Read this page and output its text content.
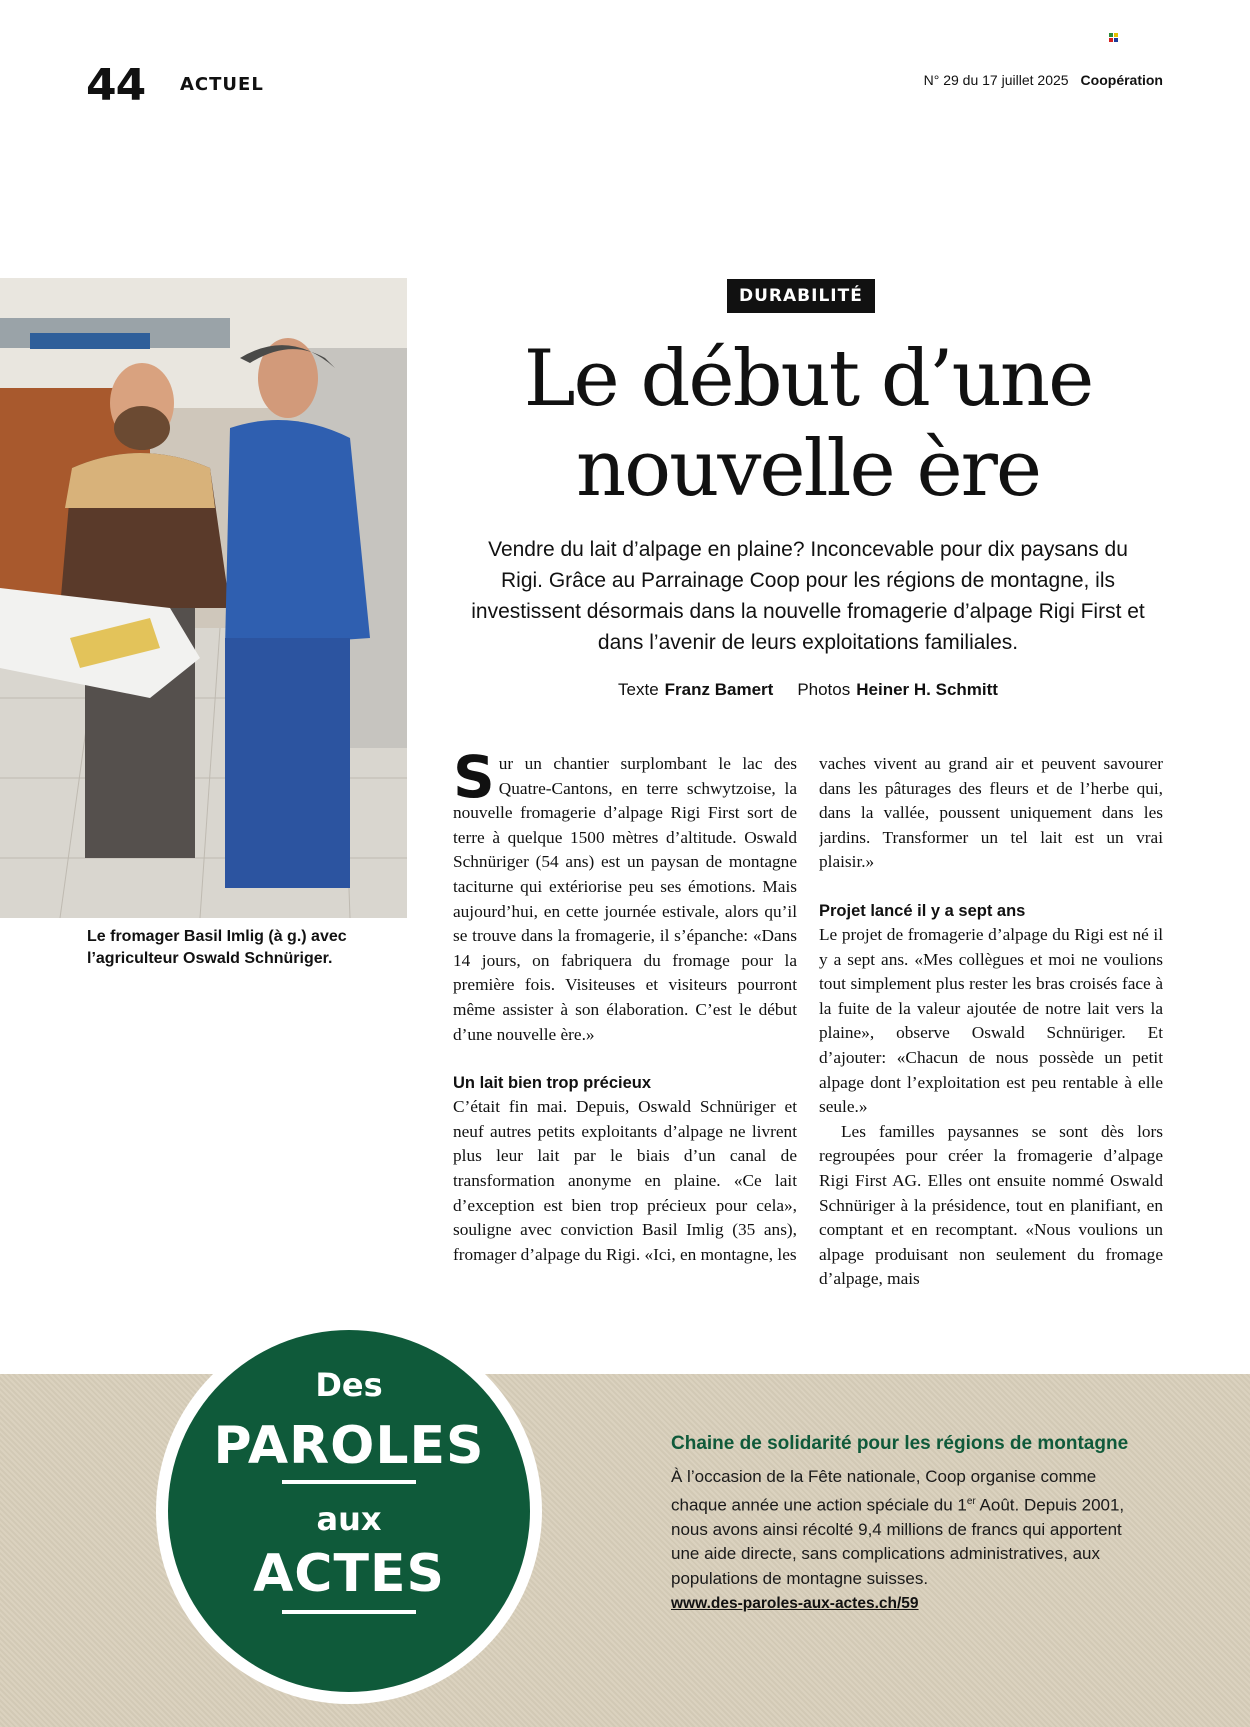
44 ACTUEL	N° 29 du 17 juillet 2025 Coopération
Le fromager Basil Imlig (à g.) avec l’agriculteur Oswald Schnüriger.
DURABILITÉ
Le début d’une
nouvelle ère
Vendre du lait d’alpage en plaine? Inconcevable pour dix paysans du Rigi. Grâce au Parrainage Coop pour les régions de montagne, ils investissent désormais dans la nouvelle fromagerie d’alpage Rigi First et dans l’avenir de leurs exploitations familiales.
Texte Franz Bamert Photos Heiner H. Schmitt

Sur un chantier surplombant le lac des Quatre-Cantons, en terre schwytzoise, la nouvelle fromagerie d’alpage Rigi First sort de terre à quelque 1500 mètres d’altitude. Oswald Schnüriger (54 ans) est un paysan de montagne taciturne qui extériorise peu ses émotions. Mais aujourd’hui, en cette journée estivale, alors qu’il se trouve dans la fromagerie, il s’épanche: «Dans 14 jours, on fabriquera du fromage pour la première fois. Visiteuses et visiteurs pourront même assister à son élaboration. C’est le début d’une nouvelle ère.»

Un lait bien trop précieux

C’était fin mai. Depuis, Oswald Schnüriger et neuf autres petits exploitants d’alpage ne livrent plus leur lait par le biais d’un canal de transformation anonyme en plaine. «Ce lait d’exception est bien trop précieux pour cela», souligne avec conviction Basil Imlig (35 ans), fromager d’alpage du Rigi. «Ici, en montagne, les

vaches vivent au grand air et peuvent savourer dans les pâturages des fleurs et de l’herbe qui, dans la vallée, poussent uniquement dans les jardins. Transformer un tel lait est un vrai plaisir.»

Projet lancé il y a sept ans

Le projet de fromagerie d’alpage du Rigi est né il y a sept ans. «Mes collègues et moi ne voulions tout simplement plus rester les bras croisés face à la fuite de la valeur ajoutée de notre lait vers la plaine», observe Oswald Schnüriger. Et d’ajouter: «Chacun de nous possède un petit alpage dont l’exploitation est peu rentable à elle seule.»

Les familles paysannes se sont dès lors regroupées pour créer la fromagerie d’alpage Rigi First AG. Elles ont ensuite nommé Oswald Schnüriger à la présidence, tout en planifiant, en comptant et en recomptant. «Nous voulions un alpage produisant non seulement du fromage d’alpage, mais

Des
PAROLES
aux
ACTES
Chaine de solidarité pour les régions de montagne
À l’occasion de la Fête nationale, Coop organise comme chaque année une action spéciale du 1er Août. Depuis 2001, nous avons ainsi récolté 9,4 millions de francs qui apportent une aide directe, sans complications administratives, aux populations de montagne suisses.
www.des-paroles-aux-actes.ch/59
